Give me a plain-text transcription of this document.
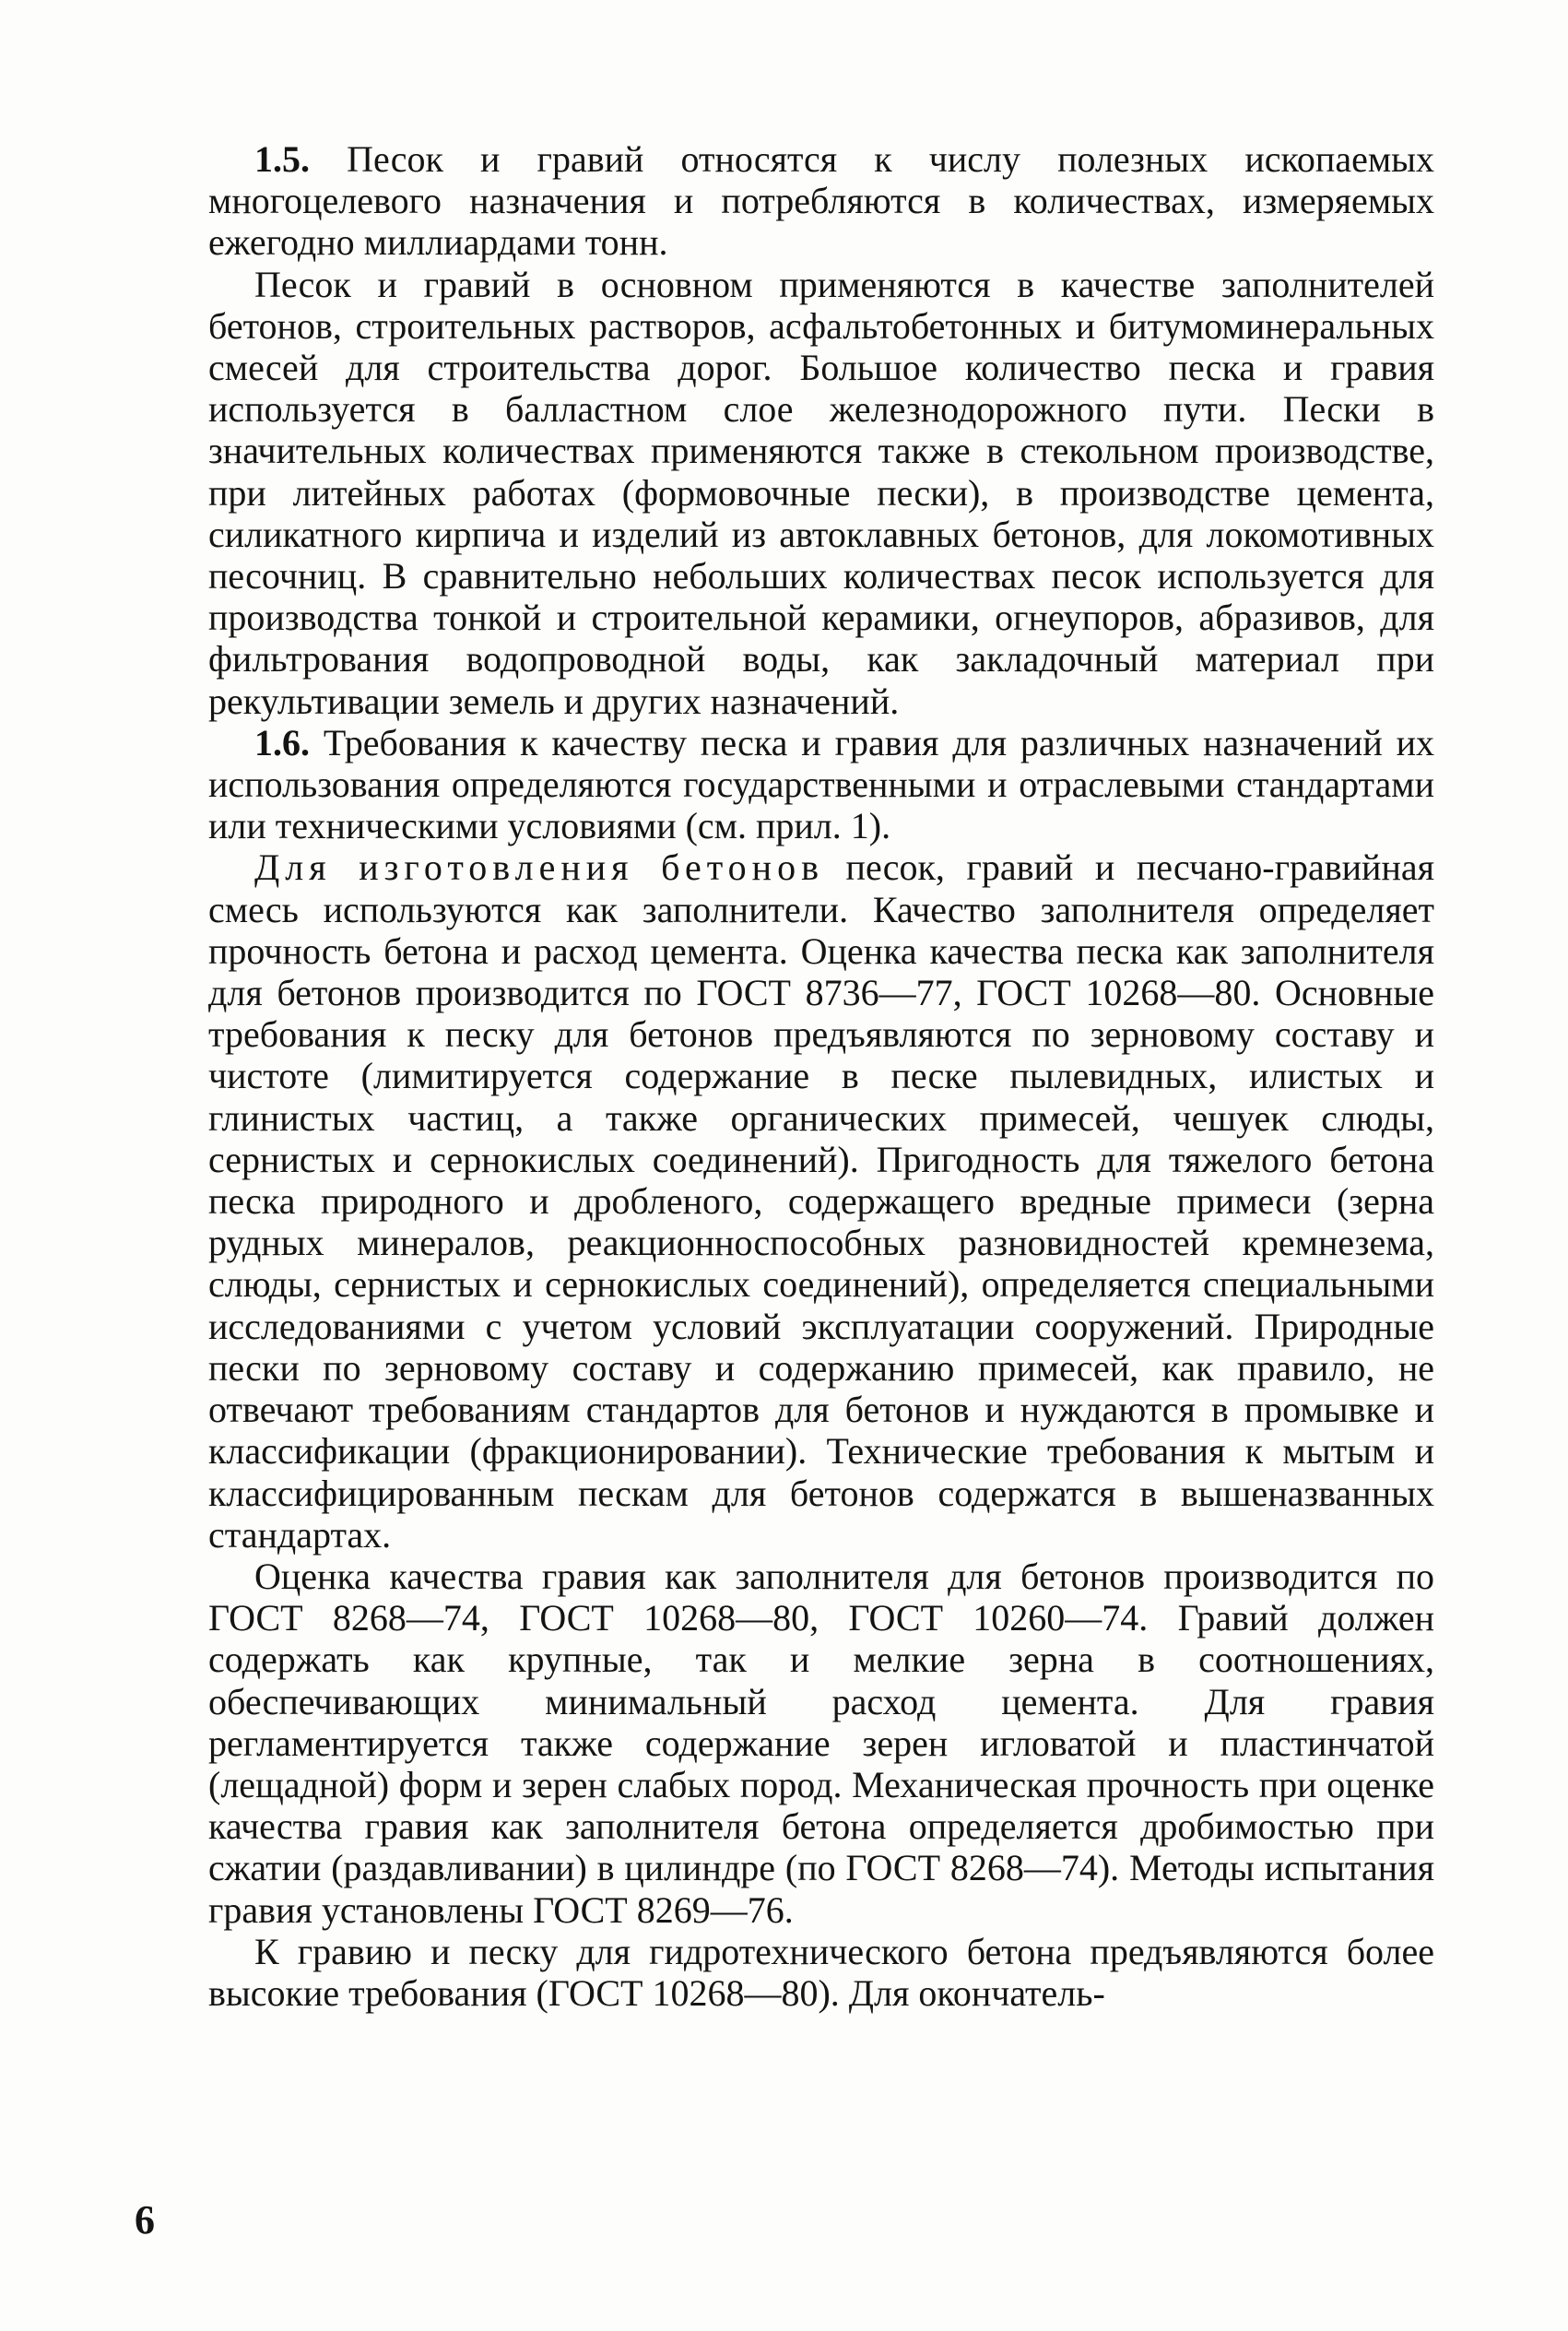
1.5. Песок и гравий относятся к числу полезных ископаемых многоцелевого назначения и потребляются в количествах, измеряемых ежегодно миллиардами тонн.

Песок и гравий в основном применяются в качестве заполнителей бетонов, строительных растворов, асфальтобетонных и битумоминеральных смесей для строительства дорог. Большое количество песка и гравия используется в балластном слое железнодорожного пути. Пески в значительных количествах применяются также в стекольном производстве, при литейных работах (формовочные пески), в производстве цемента, силикатного кирпича и изделий из автоклавных бетонов, для локомотивных песочниц. В сравнительно небольших количествах песок используется для производства тонкой и строительной керамики, огнеупоров, абразивов, для фильтрования водопроводной воды, как закладочный материал при рекультивации земель и других назначений.

1.6. Требования к качеству песка и гравия для различных назначений их использования определяются государственными и отраслевыми стандартами или техническими условиями (см. прил. 1).

Для изготовления бетонов песок, гравий и песчано-гравийная смесь используются как заполнители. Качество заполнителя определяет прочность бетона и расход цемента. Оценка качества песка как заполнителя для бетонов производится по ГОСТ 8736—77, ГОСТ 10268—80. Основные требования к песку для бетонов предъявляются по зерновому составу и чистоте (лимитируется содержание в песке пылевидных, илистых и глинистых частиц, а также органических примесей, чешуек слюды, сернистых и сернокислых соединений). Пригодность для тяжелого бетона песка природного и дробленого, содержащего вредные примеси (зерна рудных минералов, реакционноспособных разновидностей кремнезема, слюды, сернистых и сернокислых соединений), определяется специальными исследованиями с учетом условий эксплуатации сооружений. Природные пески по зерновому составу и содержанию примесей, как правило, не отвечают требованиям стандартов для бетонов и нуждаются в промывке и классификации (фракционировании). Технические требования к мытым и классифицированным пескам для бетонов содержатся в вышеназванных стандартах.

Оценка качества гравия как заполнителя для бетонов производится по ГОСТ 8268—74, ГОСТ 10268—80, ГОСТ 10260—74. Гравий должен содержать как крупные, так и мелкие зерна в соотношениях, обеспечивающих минимальный расход цемента. Для гравия регламентируется также содержание зерен игловатой и пластинчатой (лещадной) форм и зерен слабых пород. Механическая прочность при оценке качества гравия как заполнителя бетона определяется дробимостью при сжатии (раздавливании) в цилиндре (по ГОСТ 8268—74). Методы испытания гравия установлены ГОСТ 8269—76.

К гравию и песку для гидротехнического бетона предъявляются более высокие требования (ГОСТ 10268—80). Для окончатель-

6
